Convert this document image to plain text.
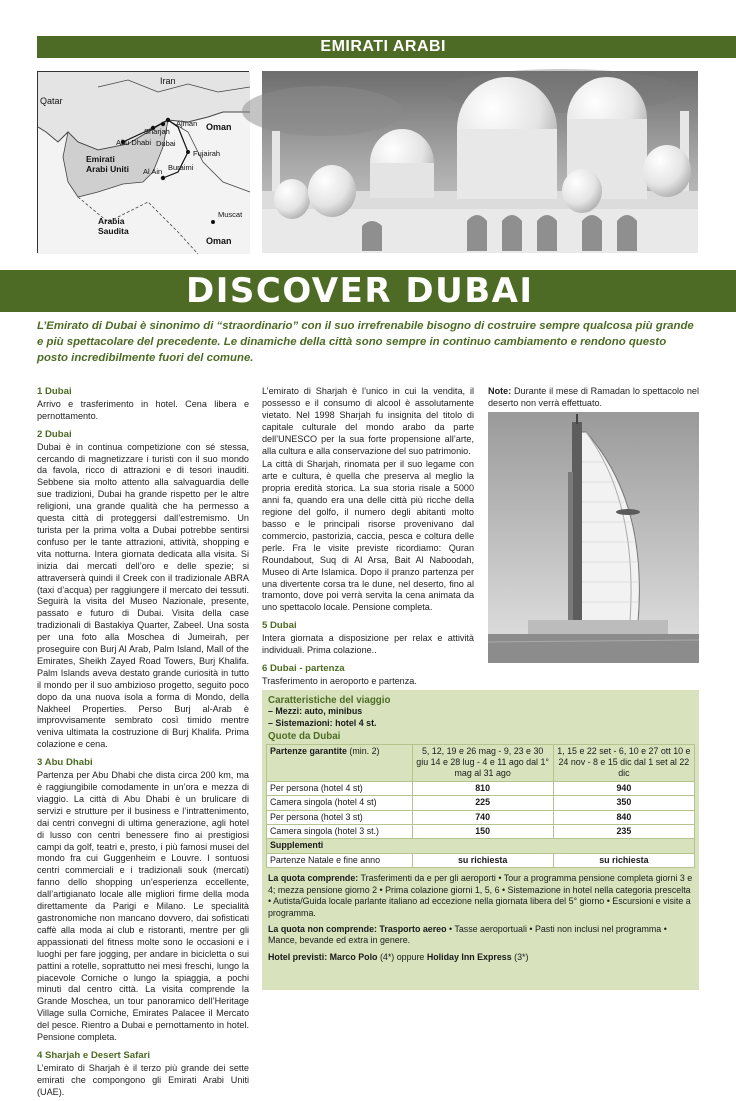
EMIRATI ARABI
Iran
Qatar
Ajman Oman
Sharjah
Dubai
Abu Dhabi
Fujairah
Emirati
Arabi Uniti Al Ain Buraimi
Arabia
Saudita
Muscat
Oman
DISCOVER DUBAI

L’Emirato di Dubai è sinonimo di “straordinario” con il suo irrefrenabile bisogno di costruire sempre qualcosa più grande e più spettacolare del precedente. Le dinamiche della città sono sempre in continuo cambiamento e rendono questo posto incredibilmente fuori del comune.

1 Dubai

Arrivo e trasferimento in hotel. Cena libera e pernottamento.

2 Dubai

Dubai è in continua competizione con sé stessa, cercando di magnetizzare i turisti con il suo mondo da favola, ricco di attrazioni e di tesori inauditi. Sebbene sia molto attento alla salvaguardia delle sue tradizioni, Dubai ha grande rispetto per le altre religioni, una grande qualità che ha permesso a questa città di proteggersi dall’estremismo. Un turista per la prima volta a Dubai potrebbe sentirsi confuso per le tante attrazioni, attività, shopping e vita notturna. Intera giornata dedicata alla visita. Si inizia dai mercati dell’oro e delle spezie; si attraverserà quindi il Creek con il tradizionale ABRA (taxi d’acqua) per raggiungere il mercato dei tessuti. Seguirà la visita del Museo Nazionale, presente, passato e futuro di Dubai. Visita della case tradizionali di Bastakiya Quarter, Zabeel. Una sosta per una foto alla Moschea di Jumeirah, per proseguire con Burj Al Arab, Palm Island, Mall of the Emirates, Sheikh Zayed Road Towers, Burj Khalifa. Palm Islands aveva destato grande curiosità in tutto il mondo per il suo ambizioso progetto, seguito poco dopo da una nuova isola a forma di Mondo, della Nakheel Properties. Perso Burj al-Arab è improvvisamente sembrato così timido mentre veniva ultimata la costruzione di Burj Khalifa. Prima colazione e cena.

3 Abu Dhabi

Partenza per Abu Dhabi che dista circa 200 km, ma è raggiungibile comodamente in un’ora e mezza di viaggio. La città di Abu Dhabi è un brulicare di servizi e strutture per il business e l’intrattenimento, dai centri convegni di ultima generazione, agli hotel di lusso con centri benessere fino ai prestigiosi campi da golf, teatri e, presto, i più famosi musei del mondo fra cui Guggenheim e Louvre. I sontuosi centri commerciali e i tradizionali souk (mercati) fanno dello shopping un’esperienza eccellente, dall’artigianato locale alle migliori firme della moda direttamente da Parigi e Milano. Le specialità gastronomiche non mancano dovvero, dai sofisticati caffè alla moda ai club e ristoranti, mentre per gli appassionati del fitness molte sono le occasioni e i luoghi per fare jogging, per andare in bicicletta o sui pattini a rotelle, soprattutto nei mesi freschi, lungo la piacevole Corniche o lungo la spiaggia, a pochi minuti dal centro città. La visita comprende la Grande Moschea, un tour panoramico dell’Heritage Village sulla Corniche, Emirates Palacee il Mercato del pesce. Rientro a Dubai e pernottamento in hotel. Pensione completa.

4 Sharjah e Desert Safari

L’emirato di Sharjah è il terzo più grande dei sette emirati che compongono gli Emirati Arabi Uniti (UAE).

L’emirato di Sharjah è l’unico in cui la vendita, il possesso e il consumo di alcool è assolutamente vietato. Nel 1998 Sharjah fu insignita del titolo di capitale culturale del mondo arabo da parte dell’UNESCO per la sua forte propensione all’arte, alla cultura e alla conservazione del suo patrimonio.

La città di Sharjah, rinomata per il suo legame con arte e cultura, è quella che preserva al meglio la propria eredità storica. La sua storia risale a 5000 anni fa, quando era una delle città più ricche della regione del golfo, il numero degli abitanti molto basso e le principali risorse provenivano dal commercio, pastorizia, caccia, pesca e coltura delle perle. Fra le visite previste ricordiamo: Quran Roundabout, Suq di Al Arsa, Bait Al Naboodah, Museo di Arte Islamica. Dopo il pranzo partenza per una divertente corsa tra le dune, nel deserto, fino al tramonto, dove poi verrà servita la cena animata da uno spettacolo locale. Pensione completa.

5 Dubai

Intera giornata a disposizione per relax e attività individuali. Prima colazione..

6 Dubai - partenza

Trasferimento in aeroporto e partenza.

Note: Durante il mese di Ramadan lo spettacolo nel deserto non verrà effettuato.

Caratteristiche del viaggio
– Mezzi: auto, minibus
– Sistemazioni: hotel 4 st.
Quote da Dubai
Partenze garantite (min. 2)	5, 12, 19 e 26 mag - 9, 23 e 30 giu 14 e 28 lug - 4 e 11 ago dal 1° mag al 31 ago	1, 15 e 22 set - 6, 10 e 27 ott 10 e 24 nov - 8 e 15 dic dal 1 set al 22 dic
Per persona (hotel 4 st)	810	940
Camera singola (hotel 4 st)	225	350
Per persona (hotel 3 st)	740	840
Camera singola (hotel 3 st.)	150	235
Supplementi		
Partenze Natale e fine anno	su richiesta	su richiesta

La quota comprende: Trasferimenti da e per gli aeroporti • Tour a programma pensione completa giorni 3 e 4; mezza pensione giorno 2 • Prima colazione giorni 1, 5, 6 • Sistemazione in hotel nella categoria prescelta • Autista/Guida locale parlante italiano ad eccezione nella giornata libera del 5° giorno • Escursioni e visite a programma.

La quota non comprende: Trasporto aereo • Tasse aeroportuali • Pasti non inclusi nel programma • Mance, bevande ed extra in genere.

Hotel previsti: Marco Polo (4*) oppure Holiday Inn Express (3*)
